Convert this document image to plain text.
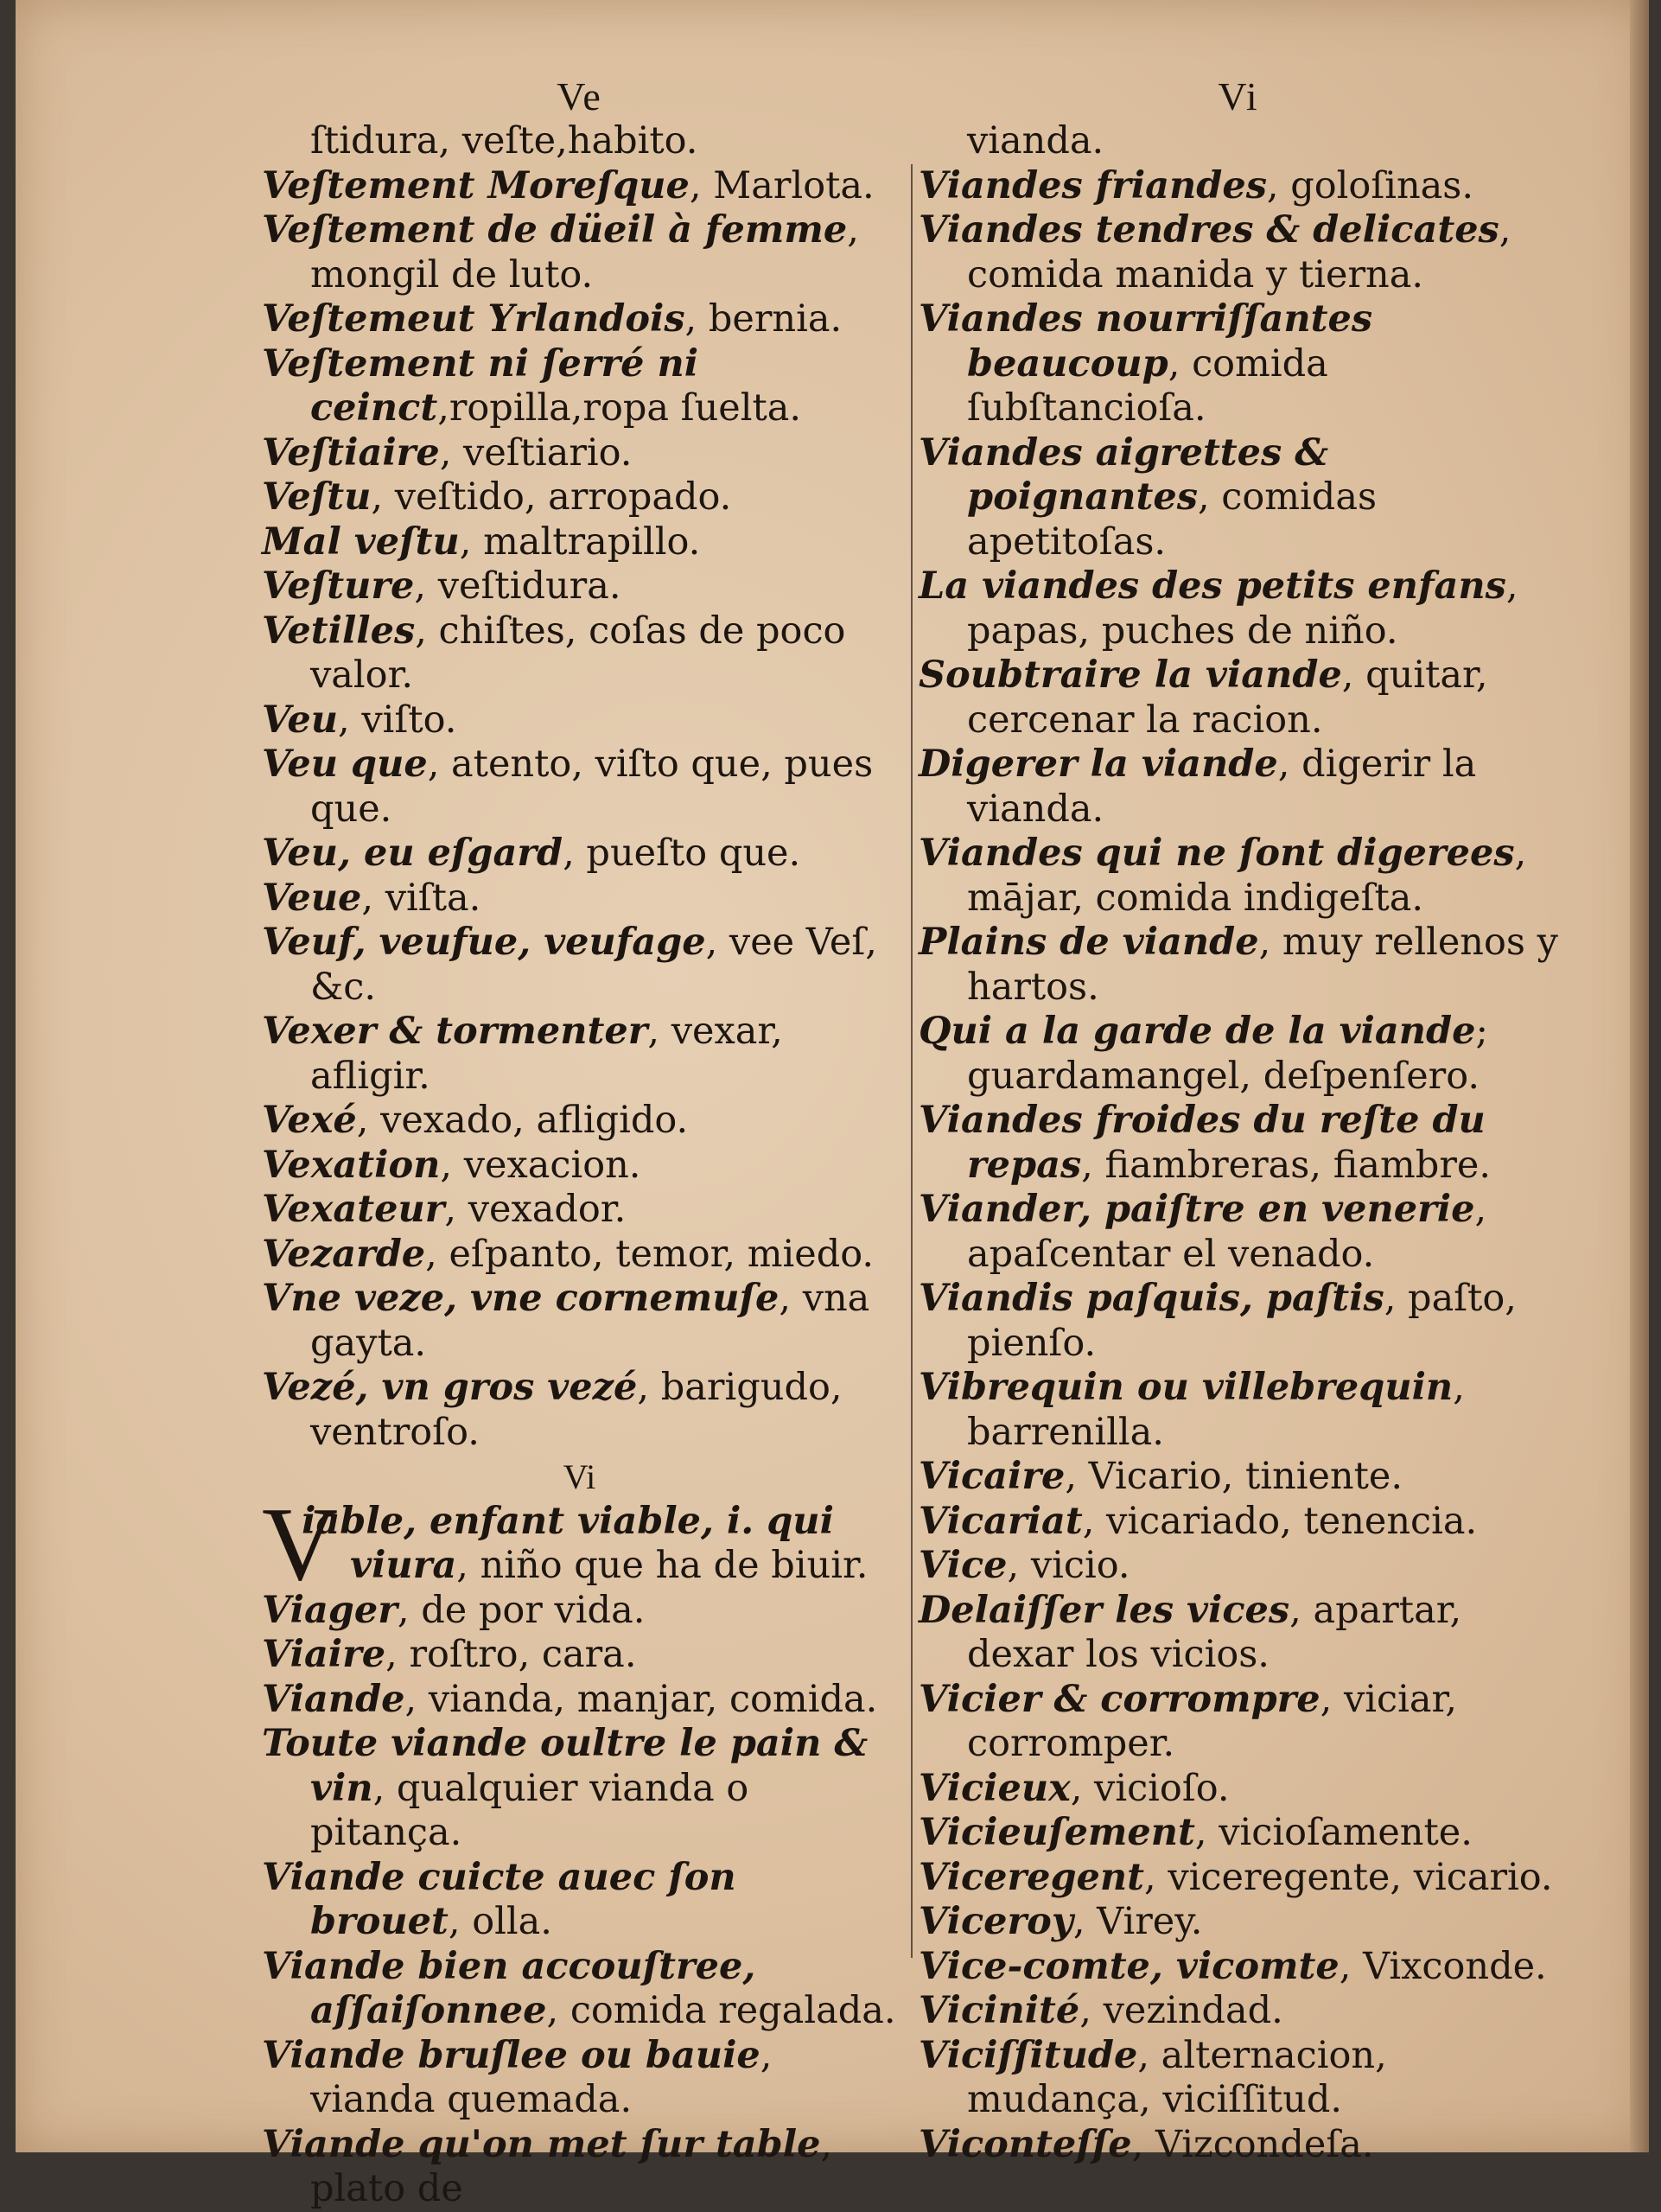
Ve
ſtidura, veſte,habito.
Veſtement Moreſque, Marlota.
Veſtement de düeil à femme, mongil de luto.
Veſtemeut Yrlandois, bernia.
Veſtement ni ſerré ni ceinct,ropilla,ropa ſuelta.
Veſtiaire, veſtiario.
Veſtu, veſtido, arropado.
Mal veſtu, maltrapillo.
Veſture, veſtidura.
Vetilles, chiſtes, coſas de poco valor.
Veu, viſto.
Veu que, atento, viſto que, pues que.
Veu, eu eſgard, pueſto que.
Veue, viſta.
Veuf, veufue, veufage, vee Veſ, &c.
Vexer & tormenter, vexar, afligir.
Vexé, vexado, afligido.
Vexation, vexacion.
Vexateur, vexador.
Vezarde, eſpanto, temor, miedo.
Vne veze, vne cornemuſe, vna gayta.
Vezé, vn gros vezé, barigudo, ventroſo.
Vi
V
iable, enfant viable, i. qui viura, niño que ha de biuir.
Viager, de por vida.
Viaire, roſtro, cara.
Viande, vianda, manjar, comida.
Toute viande oultre le pain & vin, qualquier vianda o pitança.
Viande cuicte auec ſon brouet, olla.
Viande bien accouſtree, aſſaiſonnee, comida regalada.
Viande bruſlee ou bauie, vianda quemada.
Viande qu'on met ſur table, plato de
Vi
vianda.
Viandes friandes, goloſinas.
Viandes tendres & delicates, comida manida y tierna.
Viandes nourriſſantes beaucoup, comida ſubſtancioſa.
Viandes aigrettes & poignantes, comidas apetitoſas.
La viandes des petits enfans, papas, puches de niño.
Soubtraire la viande, quitar, cercenar la racion.
Digerer la viande, digerir la vianda.
Viandes qui ne ſont digerees, mājar, comida indigeſta.
Plains de viande, muy rellenos y hartos.
Qui a la garde de la viande; guardamangel, deſpenſero.
Viandes froides du reſte du repas, fiambreras, fiambre.
Viander, paiſtre en venerie, apaſcentar el venado.
Viandis paſquis, paſtis, paſto, pienſo.
Vibrequin ou villebrequin, barrenilla.
Vicaire, Vicario, tiniente.
Vicariat, vicariado, tenencia.
Vice, vicio.
Delaiſſer les vices, apartar, dexar los vicios.
Vicier & corrompre, viciar, corromper.
Vicieux, vicioſo.
Vicieuſement, vicioſamente.
Viceregent, viceregente, vicario.
Viceroy, Virey.
Vice-comte, vicomte, Vixconde.
Vicinité, vezindad.
Viciſſitude, alternacion, mudança, viciſſitud.
Vicontеſſe, Vizcondeſa.
